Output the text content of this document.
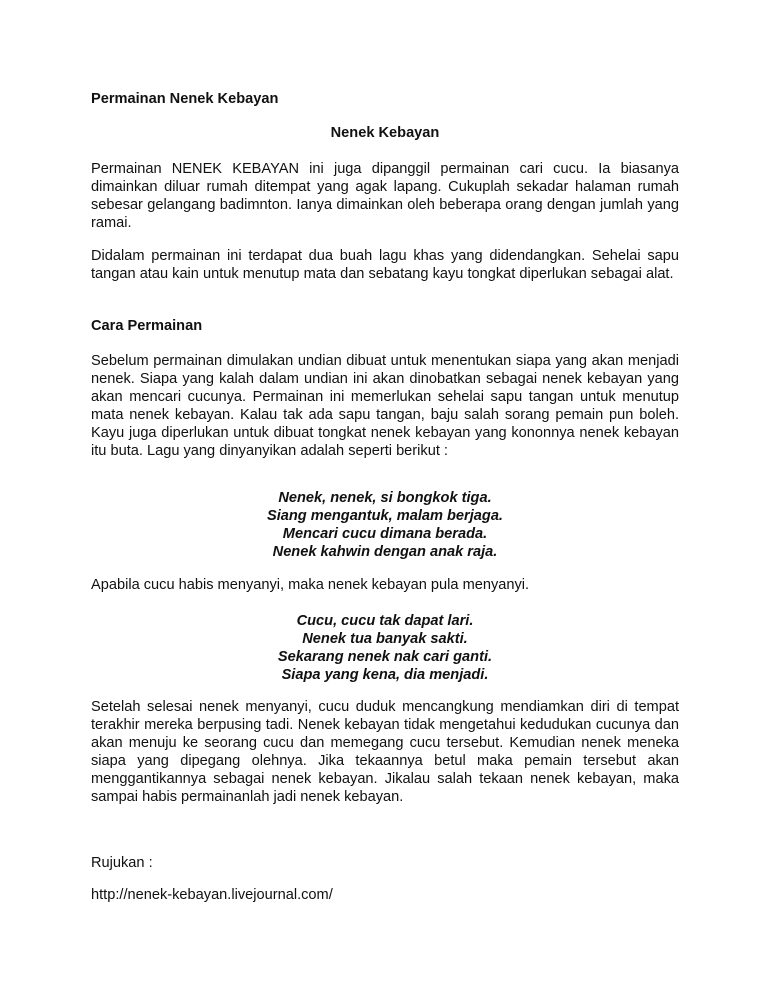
Permainan Nenek Kebayan

Nenek Kebayan

Permainan NENEK KEBAYAN ini juga dipanggil permainan cari cucu. Ia biasanya dimainkan diluar rumah ditempat yang agak lapang. Cukuplah sekadar halaman rumah sebesar gelangang badimnton. Ianya dimainkan oleh beberapa orang dengan jumlah yang ramai.

Didalam permainan ini terdapat dua buah lagu khas yang didendangkan. Sehelai sapu tangan atau kain untuk menutup mata dan sebatang kayu tongkat diperlukan sebagai alat.

Cara Permainan

Sebelum permainan dimulakan undian dibuat untuk menentukan siapa yang akan menjadi nenek. Siapa yang kalah dalam undian ini akan dinobatkan sebagai nenek kebayan yang akan mencari cucunya. Permainan ini memerlukan sehelai sapu tangan untuk menutup mata nenek kebayan. Kalau tak ada sapu tangan, baju salah sorang pemain pun boleh. Kayu juga diperlukan untuk dibuat tongkat nenek kebayan yang kononnya nenek kebayan itu buta. Lagu yang dinyanyikan adalah seperti berikut :

Nenek, nenek, si bongkok tiga.
Siang mengantuk, malam berjaga.
Mencari cucu dimana berada.
Nenek kahwin dengan anak raja.

Apabila cucu habis menyanyi, maka nenek kebayan pula menyanyi.

Cucu, cucu tak dapat lari.
Nenek tua banyak sakti.
Sekarang nenek nak cari ganti.
Siapa yang kena, dia menjadi.

Setelah selesai nenek menyanyi, cucu duduk mencangkung mendiamkan diri di tempat terakhir mereka berpusing tadi. Nenek kebayan tidak mengetahui kedudukan cucunya dan akan menuju ke seorang cucu dan memegang cucu tersebut. Kemudian nenek meneka siapa yang dipegang olehnya. Jika tekaannya betul maka pemain tersebut akan menggantikannya sebagai nenek kebayan. Jikalau salah tekaan nenek kebayan, maka sampai habis permainanlah jadi nenek kebayan.

Rujukan :

http://nenek-kebayan.livejournal.com/
